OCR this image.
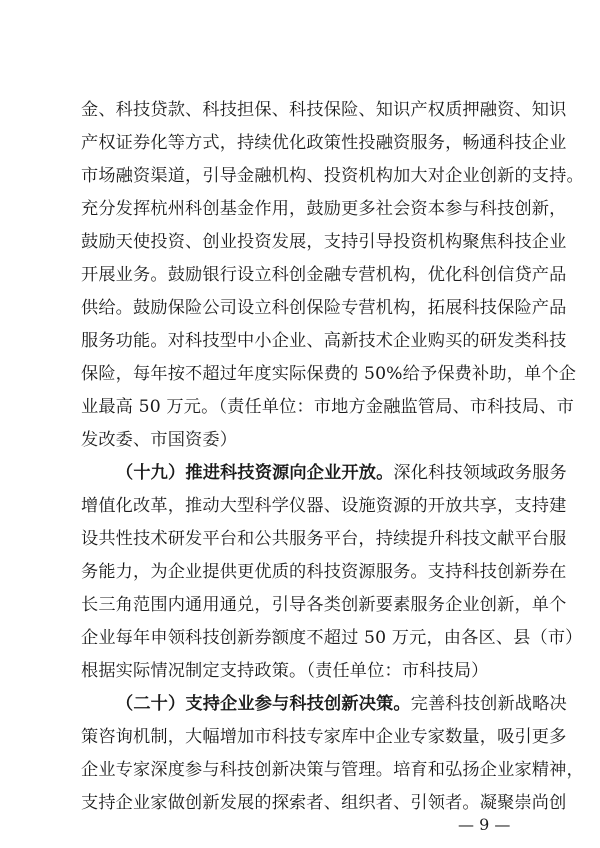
金、科技贷款、科技担保、科技保险、知识产权质押融资、知识
产权证券化等方式，持续优化政策性投融资服务，畅通科技企业
市场融资渠道，引导金融机构、投资机构加大对企业创新的支持。
充分发挥杭州科创基金作用，鼓励更多社会资本参与科技创新，
鼓励天使投资、创业投资发展，支持引导投资机构聚焦科技企业
开展业务。鼓励银行设立科创金融专营机构，优化科创信贷产品
供给。鼓励保险公司设立科创保险专营机构，拓展科技保险产品
服务功能。对科技型中小企业、高新技术企业购买的研发类科技
保险，每年按不超过年度实际保费的 50%给予保费补助，单个企
业最高 50 万元。（责任单位：市地方金融监管局、市科技局、市
发改委、市国资委）
（十九）推进科技资源向企业开放。深化科技领域政务服务
增值化改革，推动大型科学仪器、设施资源的开放共享，支持建
设共性技术研发平台和公共服务平台，持续提升科技文献平台服
务能力，为企业提供更优质的科技资源服务。支持科技创新券在
长三角范围内通用通兑，引导各类创新要素服务企业创新，单个
企业每年申领科技创新券额度不超过 50 万元，由各区、县（市）
根据实际情况制定支持政策。（责任单位：市科技局）
（二十）支持企业参与科技创新决策。完善科技创新战略决
策咨询机制，大幅增加市科技专家库中企业专家数量，吸引更多
企业专家深度参与科技创新决策与管理。培育和弘扬企业家精神，
支持企业家做创新发展的探索者、组织者、引领者。凝聚崇尚创
— 9 —
